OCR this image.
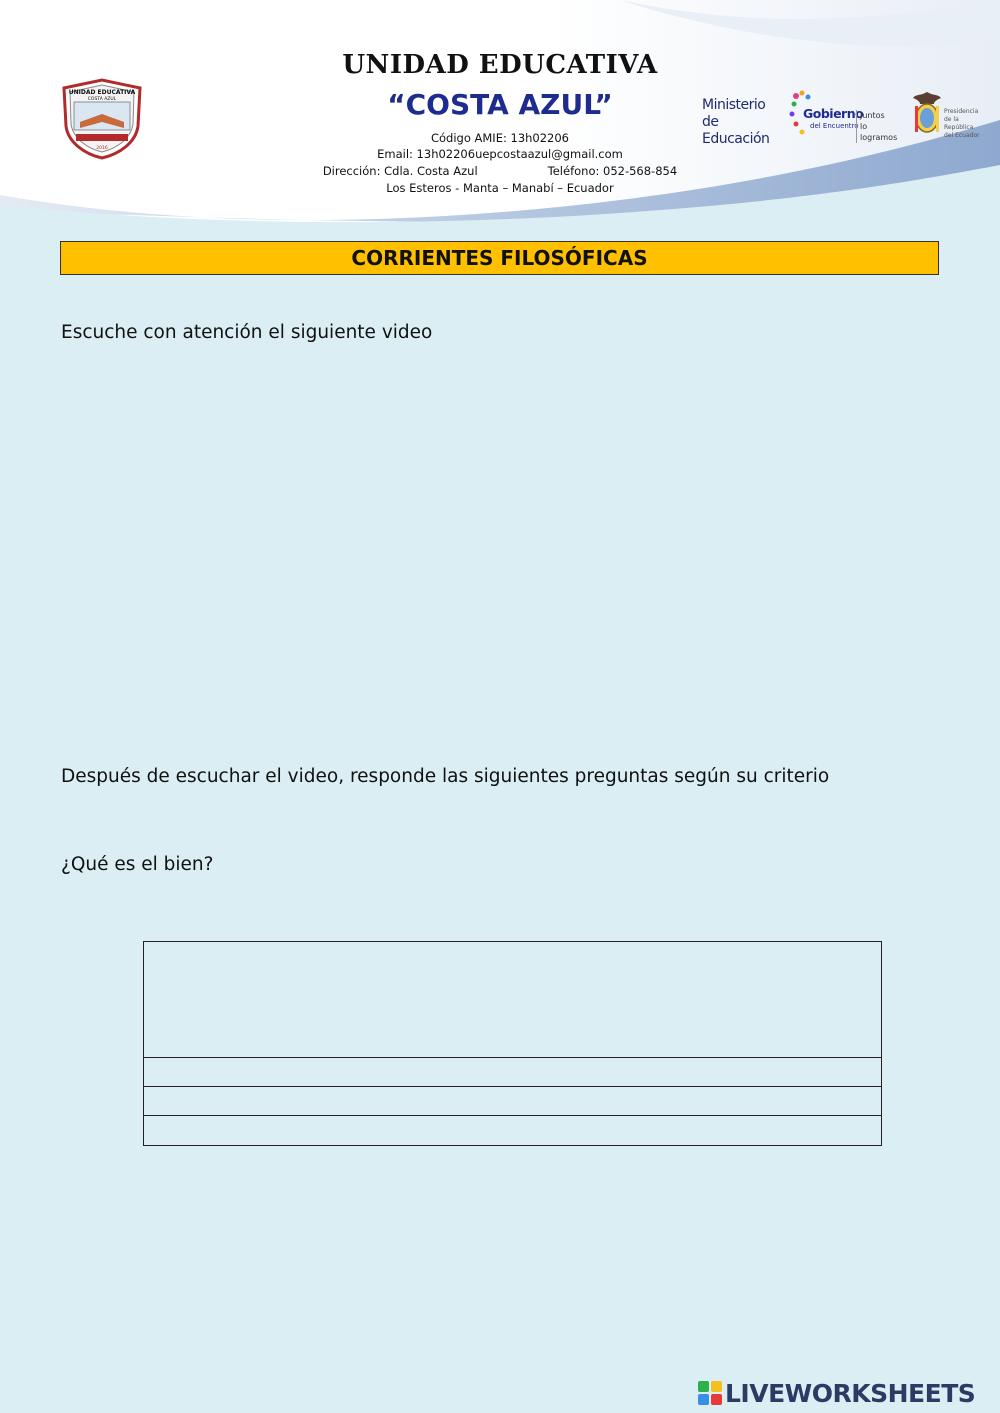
UNIDAD EDUCATIVA
COSTA AZUL
2016
UNIDAD EDUCATIVA
“COSTA AZUL”
Código AMIE: 13h02206
Email: 13h02206uepcostaazul@gmail.com
Dirección: Cdla. Costa Azul	Teléfono: 052-568-854
Los Esteros - Manta – Manabí – Ecuador
Ministerio
de Educación
Gobierno
del Encuentro
Juntos
lo logramos
Presidencia
de la República
del Ecuador
CORRIENTES FILOSÓFICAS
Escuche con atención el siguiente video
Después de escuchar el video, responde las siguientes preguntas según su criterio
¿Qué es el bien?
LIVEWORKSHEETS
